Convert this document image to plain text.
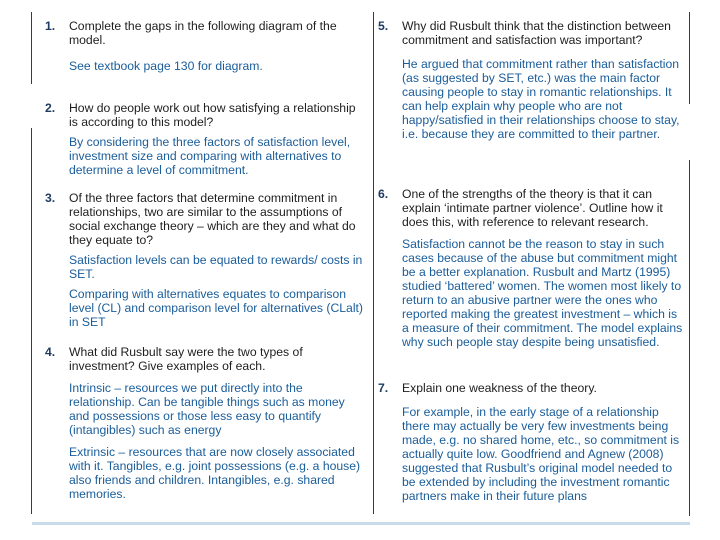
1. Complete the gaps in the following diagram of the model.

See textbook page 130 for diagram.

2. How do people work out how satisfying a relationship is according to this model?

By considering the three factors of satisfaction level, investment size and comparing with alternatives to determine a level of commitment.

3. Of the three factors that determine commitment in relationships, two are similar to the assumptions of social exchange theory – which are they and what do they equate to?

Satisfaction levels can be equated to rewards/ costs in SET.

Comparing with alternatives equates to comparison level (CL) and comparison level for alternatives (CLalt) in SET

4. What did Rusbult say were the two types of investment? Give examples of each.

Intrinsic – resources we put directly into the relationship. Can be tangible things such as money and possessions or those less easy to quantify (intangibles) such as energy

Extrinsic – resources that are now closely associated with it. Tangibles, e.g. joint possessions (e.g. a house) also friends and children. Intangibles, e.g. shared memories.

5. Why did Rusbult think that the distinction between commitment and satisfaction was important?

He argued that commitment rather than satisfaction (as suggested by SET, etc.) was the main factor causing people to stay in romantic relationships. It can help explain why people who are not happy/satisfied in their relationships choose to stay, i.e. because they are committed to their partner.

6. One of the strengths of the theory is that it can explain ‘intimate partner violence’. Outline how it does this, with reference to relevant research.

Satisfaction cannot be the reason to stay in such cases because of the abuse but commitment might be a better explanation. Rusbult and Martz (1995) studied ‘battered’ women. The women most likely to return to an abusive partner were the ones who reported making the greatest investment – which is a measure of their commitment. The model explains why such people stay despite being unsatisfied.

7. Explain one weakness of the theory.

For example, in the early stage of a relationship there may actually be very few investments being made, e.g. no shared home, etc., so commitment is actually quite low. Goodfriend and Agnew (2008) suggested that Rusbult’s original model needed to be extended by including the investment romantic partners make in their future plans
